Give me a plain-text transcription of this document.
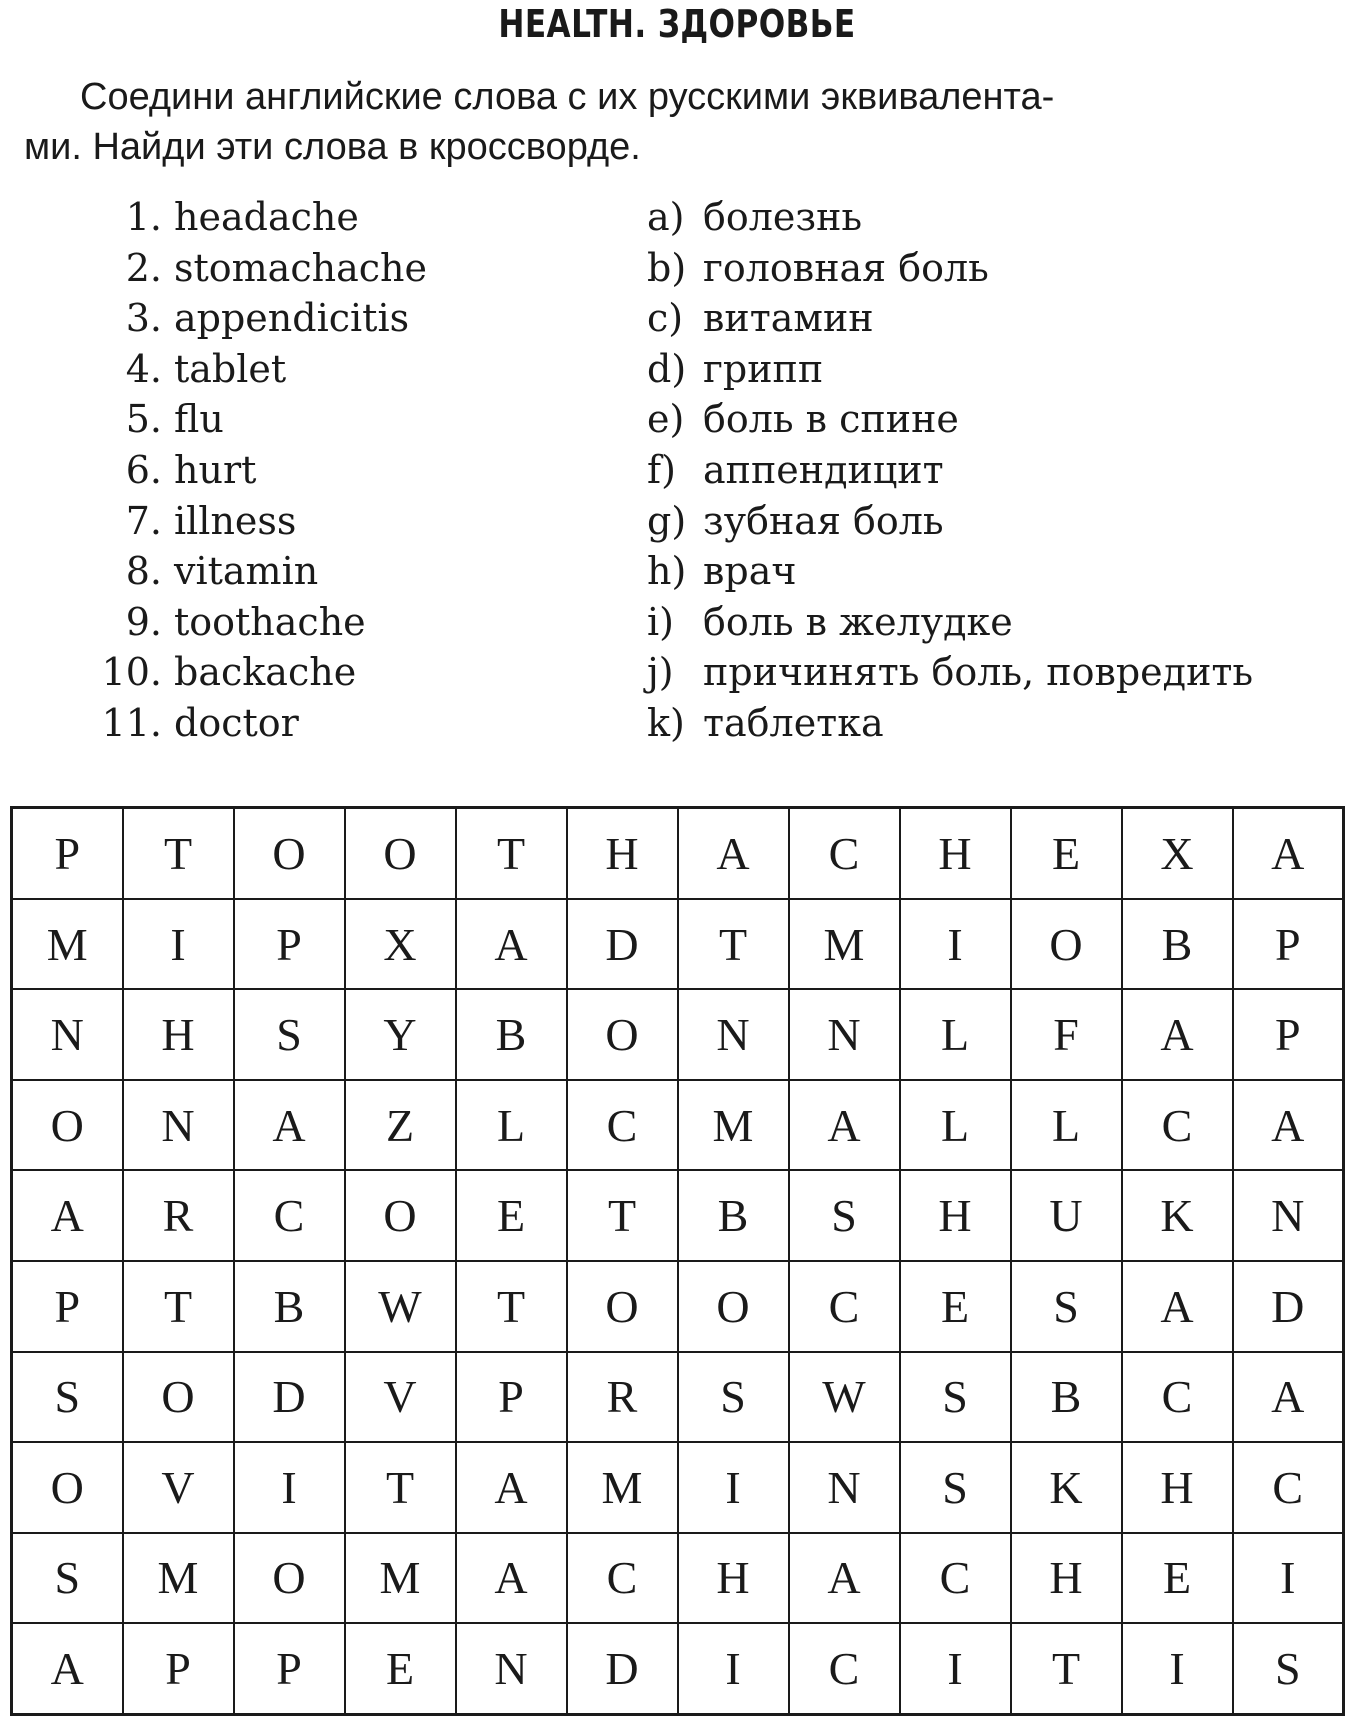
HEALTH. ЗДОРОВЬЕ

Соедини английские слова с их русскими эквивалента-
ми. Найди эти слова в кроссворде.

1. headache
2. stomachache
3. appendicitis
4. tablet
5. flu
6. hurt
7. illness
8. vitamin
9. toothache
10. backache
11. doctor
a) болезнь
b) головная боль
c) витамин
d) грипп
e) боль в спине
f) аппендицит
g) зубная боль
h) врач
i) боль в желудке
j) причинять боль, повредить
k) таблетка
P	T	O	O	T	H	A	C	H	E	X	A
M	I	P	X	A	D	T	M	I	O	B	P
N	H	S	Y	B	O	N	N	L	F	A	P
O	N	A	Z	L	C	M	A	L	L	C	A
A	R	C	O	E	T	B	S	H	U	K	N
P	T	B	W	T	O	O	C	E	S	A	D
S	O	D	V	P	R	S	W	S	B	C	A
O	V	I	T	A	M	I	N	S	K	H	C
S	M	O	M	A	C	H	A	C	H	E	I
A	P	P	E	N	D	I	C	I	T	I	S
